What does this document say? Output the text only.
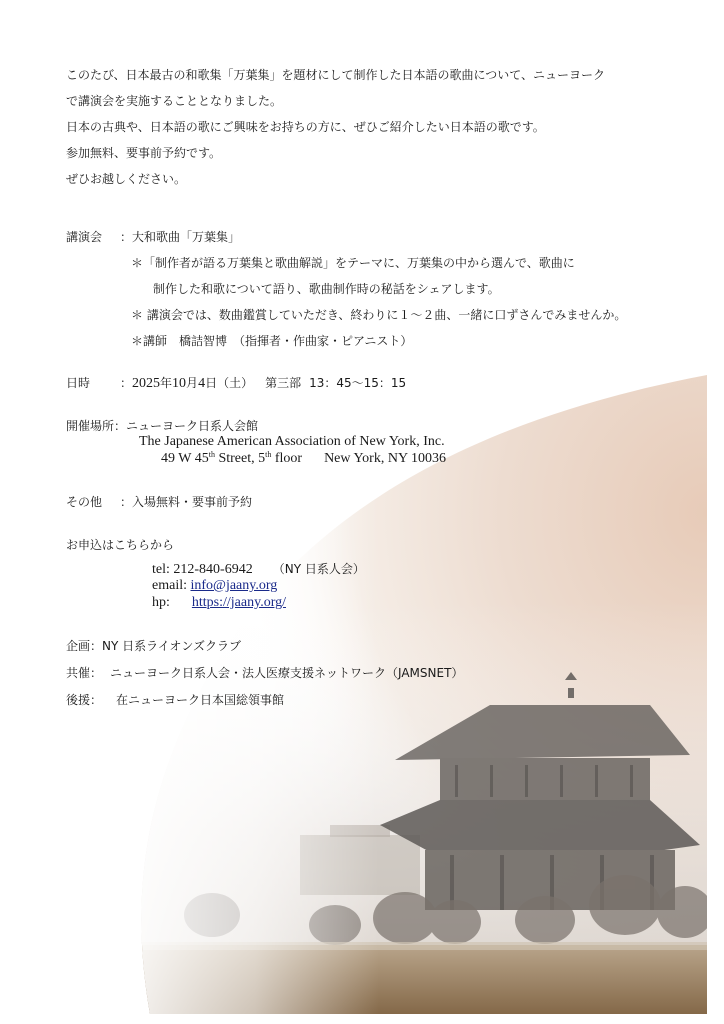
このたび、日本最古の和歌集「万葉集」を題材にして制作した日本語の歌曲について、ニューヨーク
で講演会を実施することとなりました。
日本の古典や、日本語の歌にご興味をお持ちの方に、ぜひご紹介したい日本語の歌です。
参加無料、要事前予約です。
ぜひお越しください。
講演会 ：大和歌曲「万葉集」
＊「制作者が語る万葉集と歌曲解説」をテーマに、万葉集の中から選んで、歌曲に
制作した和歌について語り、歌曲制作時の秘話をシェアします。
＊ 講演会では、数曲鑑賞していただき、終わりに１〜２曲、一緒に口ずさんでみませんか。
＊講師　橋詰智博　（指揮者・作曲家・ピアニスト）
日時	：2025年10月4日（土） 第三部 13：45〜15：15
開催場所：ニューヨーク日系人会館
The Japanese American Association of New York, Inc.
49 W 45th Street, 5th floor New York, NY 10036
その他 ：入場無料・要事前予約
お申込はこちらから
tel: 212-840-6942 （NY 日系人会）
email: info@jaany.org
hp: https://jaany.org/
企画：NY 日系ライオンズクラブ
共催： ニューヨーク日系人会・法人医療支援ネットワーク（JAMSNET）
後援： 在ニューヨーク日本国総領事館
